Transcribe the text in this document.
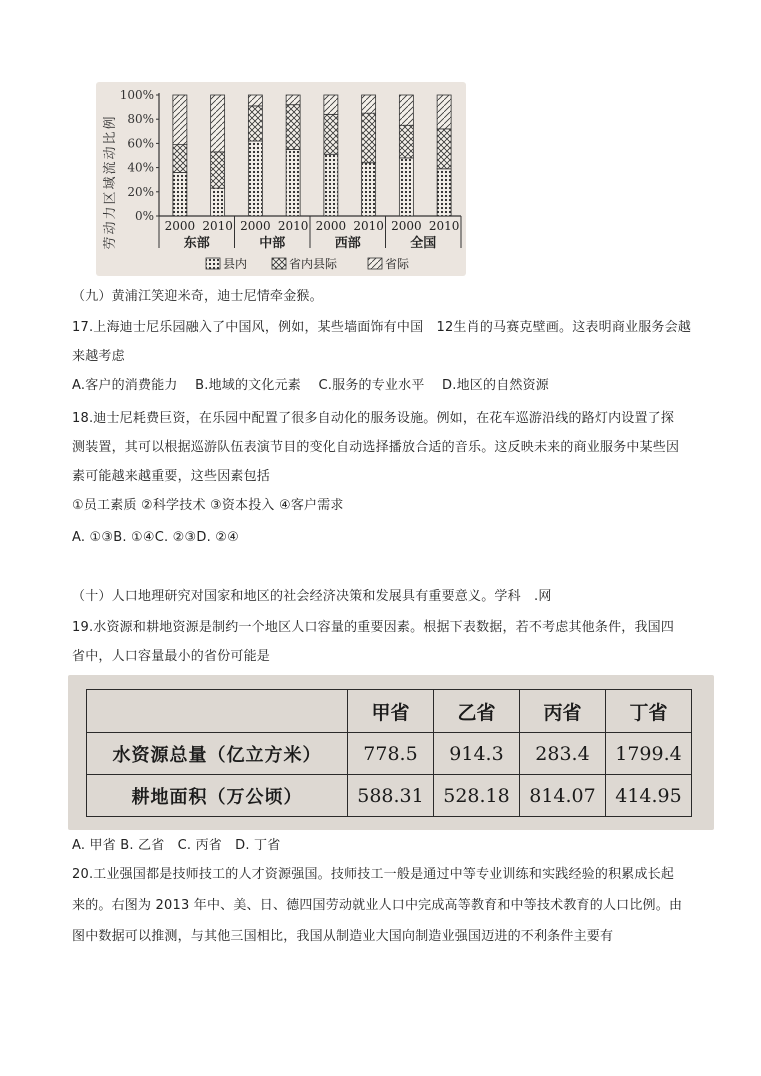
劳动力区域流动比例 0%
20%
40%
60%
80%
100%
2000 2010 2000 2010 2000 2010 2000 2010
东部	中部	西部	全国
县内	省内县际	省际
（九）黄浦江笑迎米奇，迪士尼情牵金猴。
17.上海迪士尼乐园融入了中国风，例如，某些墙面饰有中国　12生肖的马赛克壁画。这表明商业服务会越
来越考虑
A.客户的消费能力　 B.地域的文化元素　 C.服务的专业水平　 D.地区的自然资源
18.迪士尼耗费巨资，在乐园中配置了很多自动化的服务设施。例如，在花车巡游沿线的路灯内设置了探
测装置，其可以根据巡游队伍表演节目的变化自动选择播放合适的音乐。这反映未来的商业服务中某些因
素可能越来越重要，这些因素包括
①员工素质 ②科学技术 ③资本投入 ④客户需求
A. ①③B. ①④C. ②③D. ②④
（十）人口地理研究对国家和地区的社会经济决策和发展具有重要意义。学科　.网
19.水资源和耕地资源是制约一个地区人口容量的重要因素。根据下表数据，若不考虑其他条件，我国四
省中，人口容量最小的省份可能是
	甲省	乙省	丙省	丁省
水资源总量（亿立方米）	778.5	914.3	283.4	1799.4
耕地面积（万公顷）	588.31	528.18	814.07	414.95
A. 甲省 B. 乙省　C. 丙省　D. 丁省
20.工业强国都是技师技工的人才资源强国。技师技工一般是通过中等专业训练和实践经验的积累成长起
来的。右图为 2013 年中、美、日、德四国劳动就业人口中完成高等教育和中等技术教育的人口比例。由
图中数据可以推测，与其他三国相比，我国从制造业大国向制造业强国迈进的不利条件主要有
